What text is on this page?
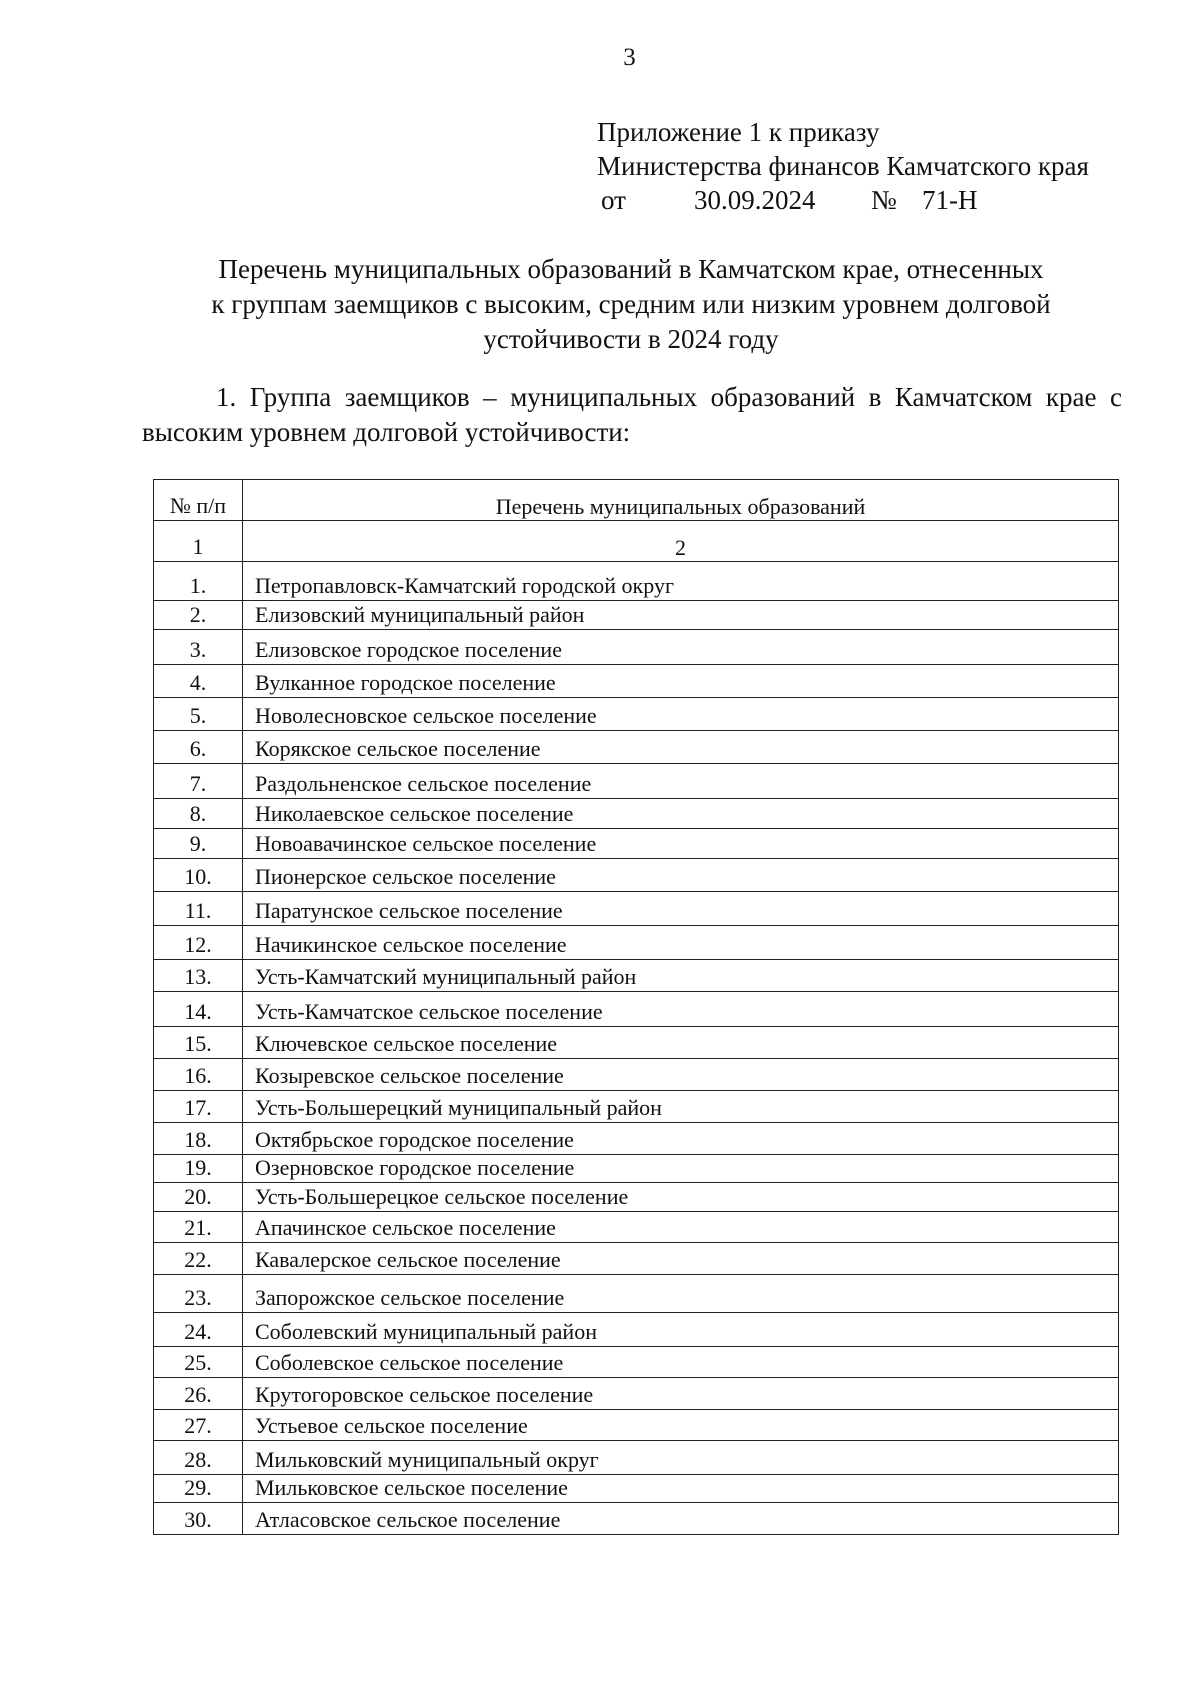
3
Приложение 1 к приказу
Министерства финансов Камчатского края
от	30.09.2024 № 71-Н
Перечень муниципальных образований в Камчатском крае, отнесенных
к группам заемщиков с высоким, средним или низким уровнем долговой
устойчивости в 2024 году
1. Группа заемщиков – муниципальных образований в Камчатском крае с высоким уровнем долговой устойчивости:
№ п/п	Перечень муниципальных образований
1	2
1.	Петропавловск-Камчатский городской округ
2.	Елизовский муниципальный район
3.	Елизовское городское поселение
4.	Вулканное городское поселение
5.	Новолесновское сельское поселение
6.	Корякское сельское поселение
7.	Раздольненское сельское поселение
8.	Николаевское сельское поселение
9.	Новоавачинское сельское поселение
10.	Пионерское сельское поселение
11.	Паратунское сельское поселение
12.	Начикинское сельское поселение
13.	Усть-Камчатский муниципальный район
14.	Усть-Камчатское сельское поселение
15.	Ключевское сельское поселение
16.	Козыревское сельское поселение
17.	Усть-Большерецкий муниципальный район
18.	Октябрьское городское поселение
19.	Озерновское городское поселение
20.	Усть-Большерецкое сельское поселение
21.	Апачинское сельское поселение
22.	Кавалерское сельское поселение
23.	Запорожское сельское поселение
24.	Соболевский муниципальный район
25.	Соболевское сельское поселение
26.	Крутогоровское сельское поселение
27.	Устьевое сельское поселение
28.	Мильковский муниципальный округ
29.	Мильковское сельское поселение
30.	Атласовское сельское поселение
